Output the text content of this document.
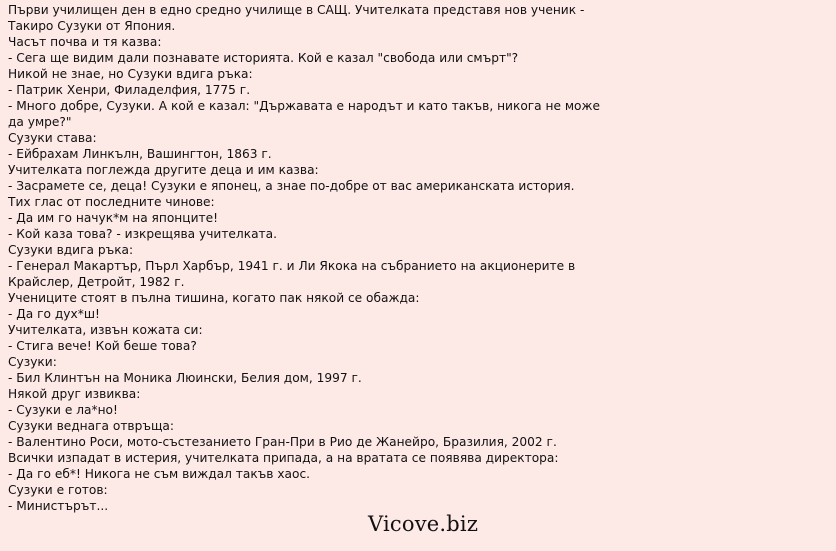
Първи училищен ден в едно средно училище в САЩ. Учителката представя нов ученик - Такиро Сузуки от Япония.

Часът почва и тя казва:

- Сега ще видим дали познавате историята. Кой е казал "свобода или смърт"?

Никой не знае, но Сузуки вдига ръка:

- Патрик Хенри, Филаделфия, 1775 г.

- Много добре, Сузуки. А кой е казал: "Държавата е народът и като такъв, никога не може да умре?"

Сузуки става:

- Ейбрахам Линкълн, Вашингтон, 1863 г.

Учителката поглежда другите деца и им казва:

- Засрамете се, деца! Сузуки е японец, а знае по-добре от вас американската история.

Тих глас от последните чинове:

- Да им го начук*м на японците!

- Кой каза това? - изкрещява учителката.

Сузуки вдига ръка:

- Генерал Макартър, Пърл Харбър, 1941 г. и Ли Якока на събранието на акционерите в Крайслер, Детройт, 1982 г.

Учениците стоят в пълна тишина, когато пак някой се обажда:

- Да го дух*ш!

Учителката, извън кожата си:

- Стига вече! Кой беше това?

Сузуки:

- Бил Клинтън на Моника Люински, Белия дом, 1997 г.

Някой друг извиква:

- Сузуки е ла*но!

Сузуки веднага отвръща:

- Валентино Роси, мото-състезанието Гран-При в Рио де Жанейро, Бразилия, 2002 г.

Всички изпадат в истерия, учителката припада, а на вратата се появява директора:

- Да го еб*! Никога не съм виждал такъв хаос.

Сузуки е готов:

- Министърът...

Vicove.biz
